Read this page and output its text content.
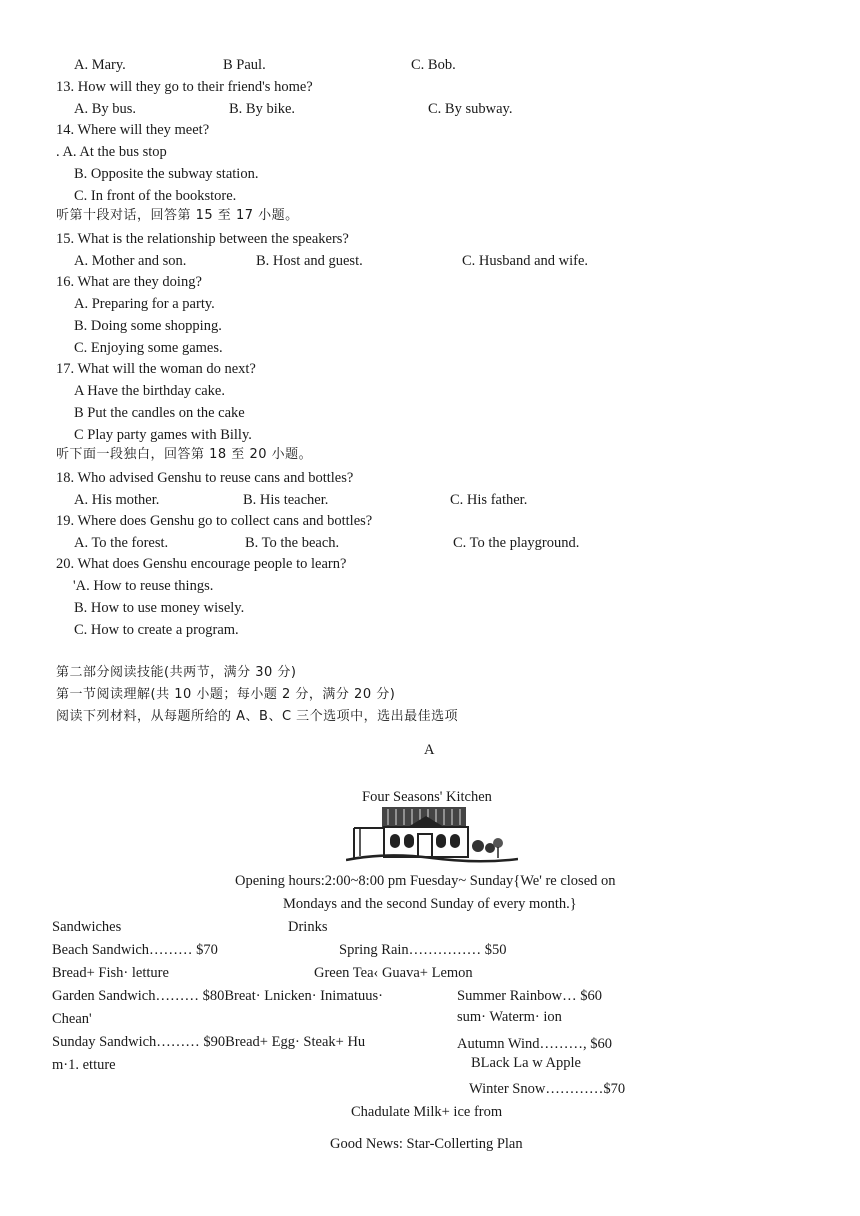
A. Mary.	B Paul.	C. Bob.
13. How will they go to their friend's home?
A. By bus.	B. By bike.	C. By subway.
14. Where will they meet?
. A. At the bus stop
B. Opposite the subway station.
C. In front of the bookstore.
听第十段对话，回答第 15 至 17 小题。
15. What is the relationship between the speakers?
A. Mother and son.	B. Host and guest.	C. Husband and wife.
16. What are they doing?
A. Preparing for a party.
B. Doing some shopping.
C. Enjoying some games.
17. What will the woman do next?
A Have the birthday cake.
B Put the candles on the cake
C Play party games with Billy.
听下面一段独白，回答第 18 至 20 小题。
18. Who advised Genshu to reuse cans and bottles?
A. His mother.	B. His teacher.	C. His father.
19. Where does Genshu go to collect cans and bottles?
A. To the forest.	B. To the beach.	C. To the playground.
20. What does Genshu encourage people to learn?
'A. How to reuse things.
B. How to use money wisely.
C. How to create a program.
第二部分阅读技能(共两节，满分 30 分)
第一节阅读理解(共 10 小题；每小题 2 分，满分 20 分)
阅读下列材料，从每题所给的 A、B、C 三个选项中，选出最佳选项
A
Four Seasons' Kitchen
Opening hours:2:00~8:00 pm Fuesday~ Sunday{We' re closed on
Mondays and the second Sunday of every month.}
Sandwiches	Drinks
Beach Sandwich……… $70	Spring Rain…………… $50
Bread+ Fish· letture	Green Tea‹ Guava+ Lemon
Garden Sandwich……… $80Breat· Lnicken· Inimatuus·	Summer Rainbow… $60
Chean'	sum· Waterm· ion
Sunday Sandwich……… $90Bread+ Egg· Steak+ Hu	Autumn Wind………, $60
m·1. etture	BLack La w Apple
Winter Snow…………$70
Chadulate Milk+ ice from
Good News: Star-Collerting Plan
